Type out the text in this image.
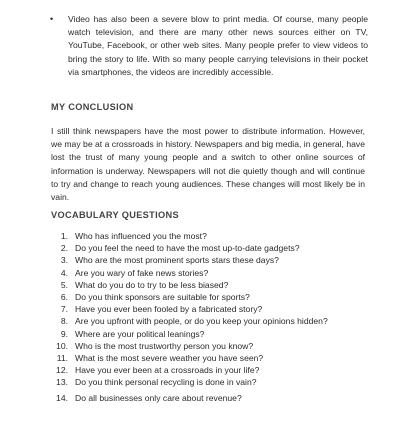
• Video has also been a severe blow to print media. Of course, many people watch television, and there are many other news sources either on TV, YouTube, Facebook, or other web sites. Many people prefer to view videos to bring the story to life. With so many people carrying televisions in their pocket via smartphones, the videos are incredibly accessible.

MY CONCLUSION

I still think newspapers have the most power to distribute information. However, we may be at a crossroads in history. Newspapers and big media, in general, have lost the trust of many young people and a switch to other online sources of information is underway. Newspapers will not die quietly though and will continue to try and change to reach young audiences. These changes will most likely be in vain.

VOCABULARY QUESTIONS
1. Who has influenced you the most?
2. Do you feel the need to have the most up-to-date gadgets?
3. Who are the most prominent sports stars these days?
4. Are you wary of fake news stories?
5. What do you do to try to be less biased?
6. Do you think sponsors are suitable for sports?
7. Have you ever been fooled by a fabricated story?
8. Are you upfront with people, or do you keep your opinions hidden?
9. Where are your political leanings?
10. Who is the most trustworthy person you know?
11. What is the most severe weather you have seen?
12. Have you ever been at a crossroads in your life?
13. Do you think personal recycling is done in vain?
14. Do all businesses only care about revenue?
